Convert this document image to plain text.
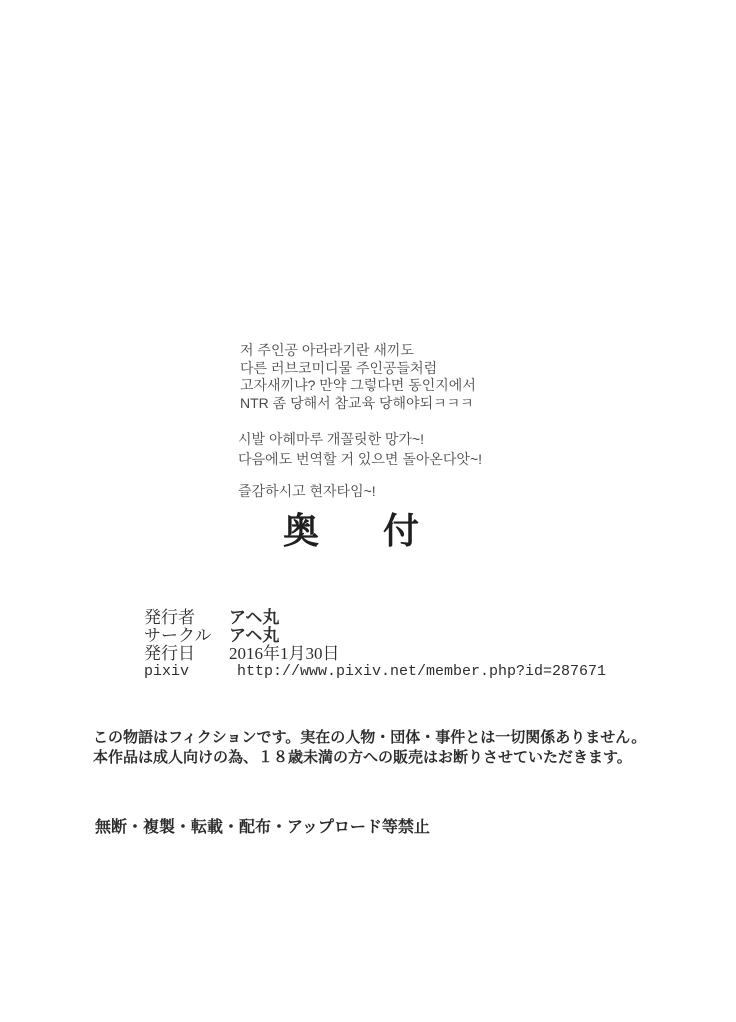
저 주인공 아라라기란 새끼도
다른 러브코미디물 주인공들처럼
고자새끼냐? 만약 그렇다면 동인지에서
NTR 좀 당해서 참교육 당해야되ㅋㅋㅋ
시발 아헤마루 개꼴릿한 망가~!
다음에도 번역할 거 있으면 돌아온다앗~!
즐감하시고 현자타임~!
奥　付
発行者	アヘ丸
サークル	アヘ丸
発行日	2016年1月30日
pixiv	http://www.pixiv.net/member.php?id=287671
この物語はフィクションです。実在の人物・団体・事件とは一切関係ありません。
本作品は成人向けの為、１８歳未満の方への販売はお断りさせていただきます。
無断・複製・転載・配布・アップロード等禁止
